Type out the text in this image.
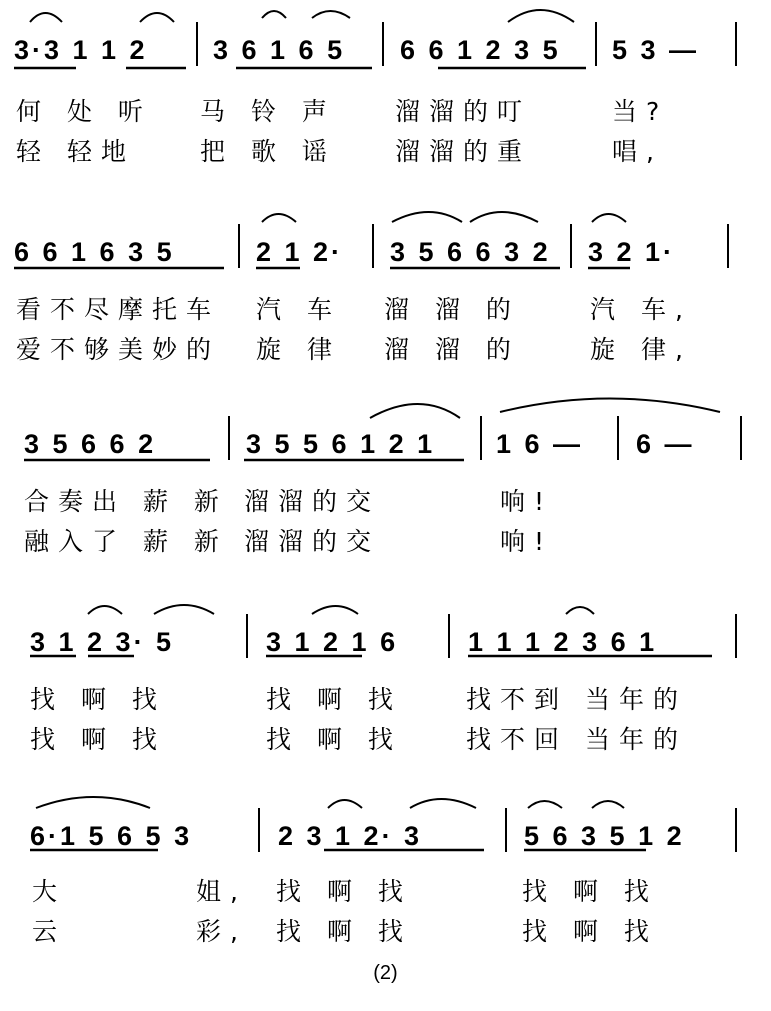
3·3 1 1 2 3 6 1 6 5 6 6 1 2 3 5 5 3 —
何 处 听 马 铃 声 溜溜的叮	当?
轻 轻地	把 歌 谣 溜溜的重	唱,
6 6 1 6 3 5	2 1 2· 3 5 6 6 3 2 3 2 1·
看不尽摩托车 汽 车 溜 溜 的	汽 车,
爱不够美妙的 旋 律 溜 溜 的	旋 律,
3 5 6 6 2	3 5 5 6 1 2 1 1 6 — 6 —
合奏出 薪 新 溜溜的交	响!
融入了 薪 新 溜溜的交	响!
3 1 2 3· 5	3 1 2 1 6	1 1 1 2 3 6 1
找 啊 找	找 啊 找	找不到 当年的
找 啊 找	找 啊 找	找不回 当年的
6·1 5 6 5 3	2 3 1 2· 3	5 6 3 5 1 2
大	姐, 找 啊 找	找 啊 找
云	彩, 找 啊 找	找 啊 找
(2)
